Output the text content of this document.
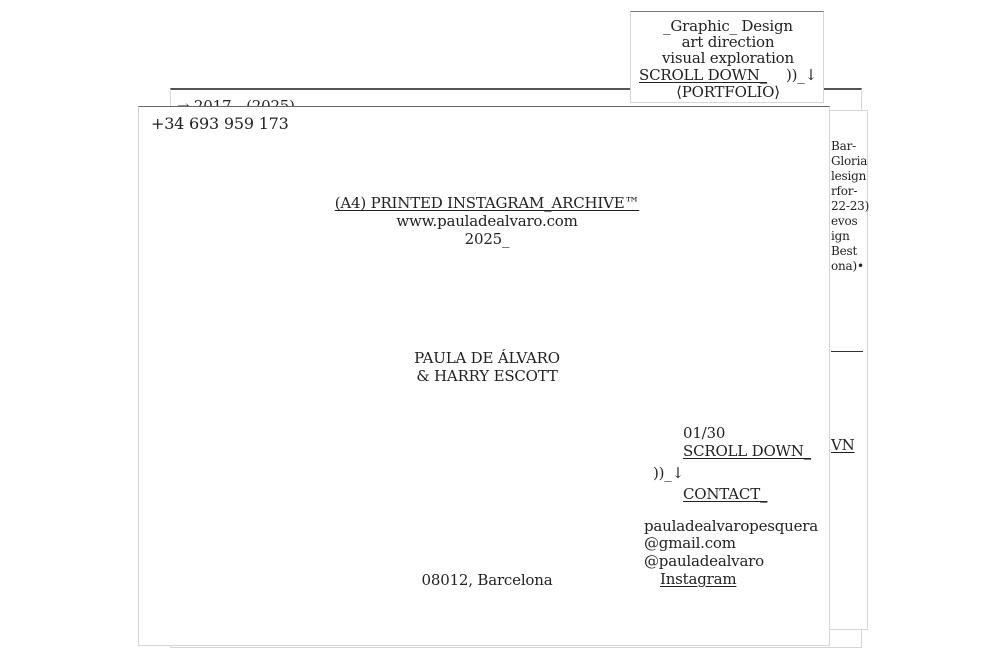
Bar-
Gloria
lesign
rfor-
22-23)
evos
ign
Best
ona)•
VN
+34 693 959 173
(A4) PRINTED INSTAGRAM_ARCHIVE™
www.pauladealvaro.com
2025_
PAULA DE ÁLVARO
& HARRY ESCOTT
01/30
SCROLL DOWN_
))_↓
CONTACT_
pauladealvaropesquera
@gmail.com
@pauladealvaro
Instagram
08012, Barcelona
_Graphic_ Design
art direction
visual exploration
SCROLL DOWN_ ))_↓
⟨PORTFOLIO⟩
